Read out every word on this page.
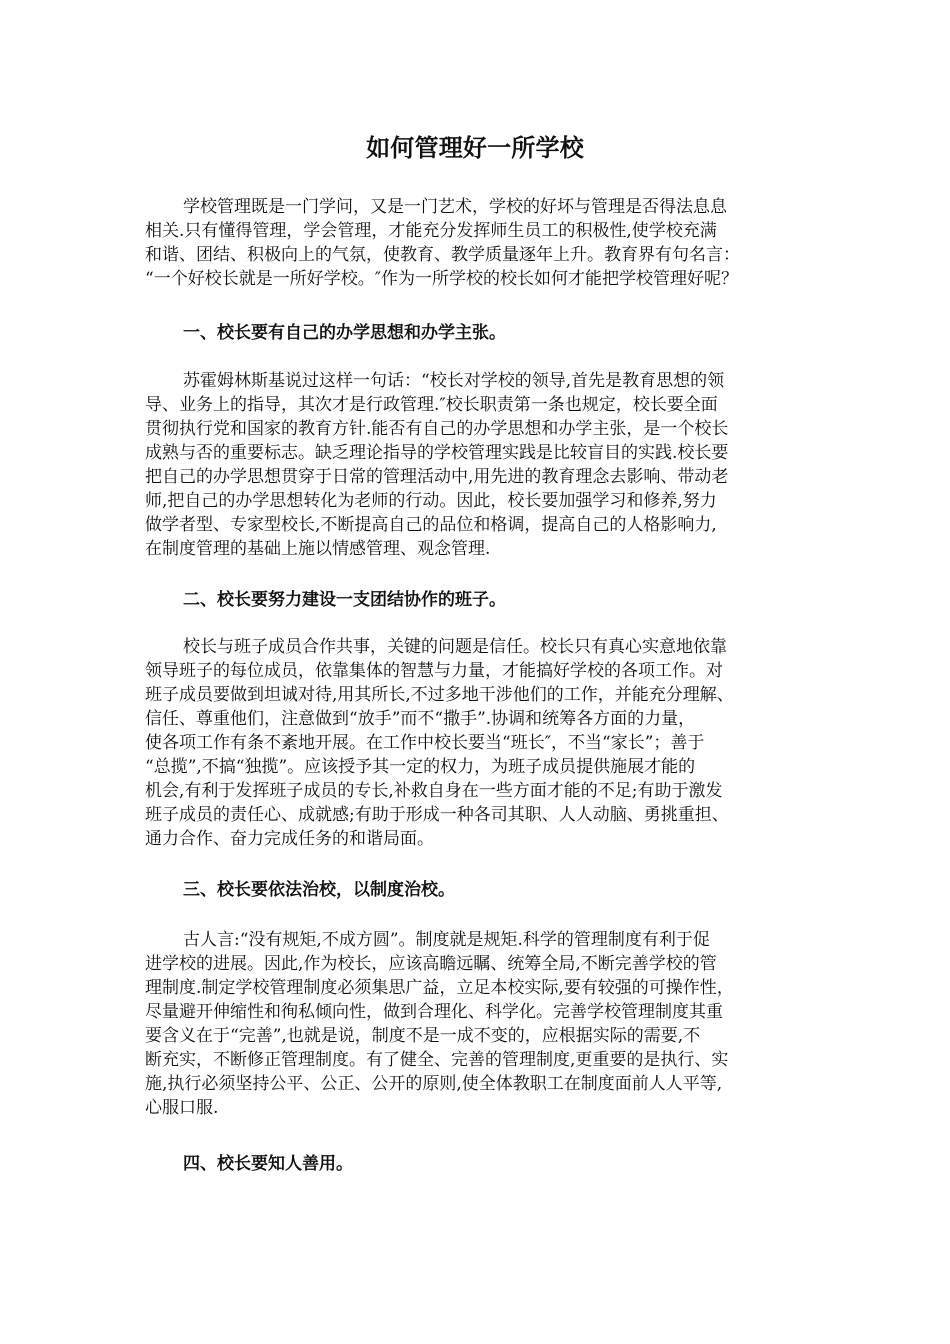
如何管理好一所学校
学校管理既是一门学问，又是一门艺术，学校的好坏与管理是否得法息息
相关.只有懂得管理，学会管理，才能充分发挥师生员工的积极性,使学校充满
和谐、团结、积极向上的气氛，使教育、教学质量逐年上升。教育界有句名言：
“一个好校长就是一所好学校。″作为一所学校的校长如何才能把学校管理好呢？
一、校长要有自己的办学思想和办学主张。
苏霍姆林斯基说过这样一句话：“校长对学校的领导,首先是教育思想的领
导、业务上的指导，其次才是行政管理.″校长职责第一条也规定，校长要全面
贯彻执行党和国家的教育方针.能否有自己的办学思想和办学主张，是一个校长
成熟与否的重要标志。缺乏理论指导的学校管理实践是比较盲目的实践.校长要
把自己的办学思想贯穿于日常的管理活动中,用先进的教育理念去影响、带动老
师,把自己的办学思想转化为老师的行动。因此，校长要加强学习和修养,努力
做学者型、专家型校长,不断提高自己的品位和格调，提高自己的人格影响力,
在制度管理的基础上施以情感管理、观念管理.
二、校长要努力建设一支团结协作的班子。
校长与班子成员合作共事，关键的问题是信任。校长只有真心实意地依靠
领导班子的每位成员，依靠集体的智慧与力量，才能搞好学校的各项工作。对
班子成员要做到坦诚对待,用其所长,不过多地干涉他们的工作，并能充分理解、
信任、尊重他们，注意做到“放手”而不“撒手”.协调和统筹各方面的力量，
使各项工作有条不紊地开展。在工作中校长要当“班长″，不当“家长”；善于
“总揽”,不搞“独揽”。应该授予其一定的权力，为班子成员提供施展才能的
机会,有利于发挥班子成员的专长,补救自身在一些方面才能的不足;有助于激发
班子成员的责任心、成就感;有助于形成一种各司其职、人人动脑、勇挑重担、
通力合作、奋力完成任务的和谐局面。
三、校长要依法治校，以制度治校。
古人言:“没有规矩,不成方圆”。制度就是规矩.科学的管理制度有利于促
进学校的进展。因此,作为校长，应该高瞻远瞩、统筹全局,不断完善学校的管
理制度.制定学校管理制度必须集思广益，立足本校实际,要有较强的可操作性，
尽量避开伸缩性和徇私倾向性，做到合理化、科学化。完善学校管理制度其重
要含义在于“完善”,也就是说，制度不是一成不变的，应根据实际的需要,不
断充实，不断修正管理制度。有了健全、完善的管理制度,更重要的是执行、实
施,执行必须坚持公平、公正、公开的原则,使全体教职工在制度面前人人平等,
心服口服.
四、校长要知人善用。
